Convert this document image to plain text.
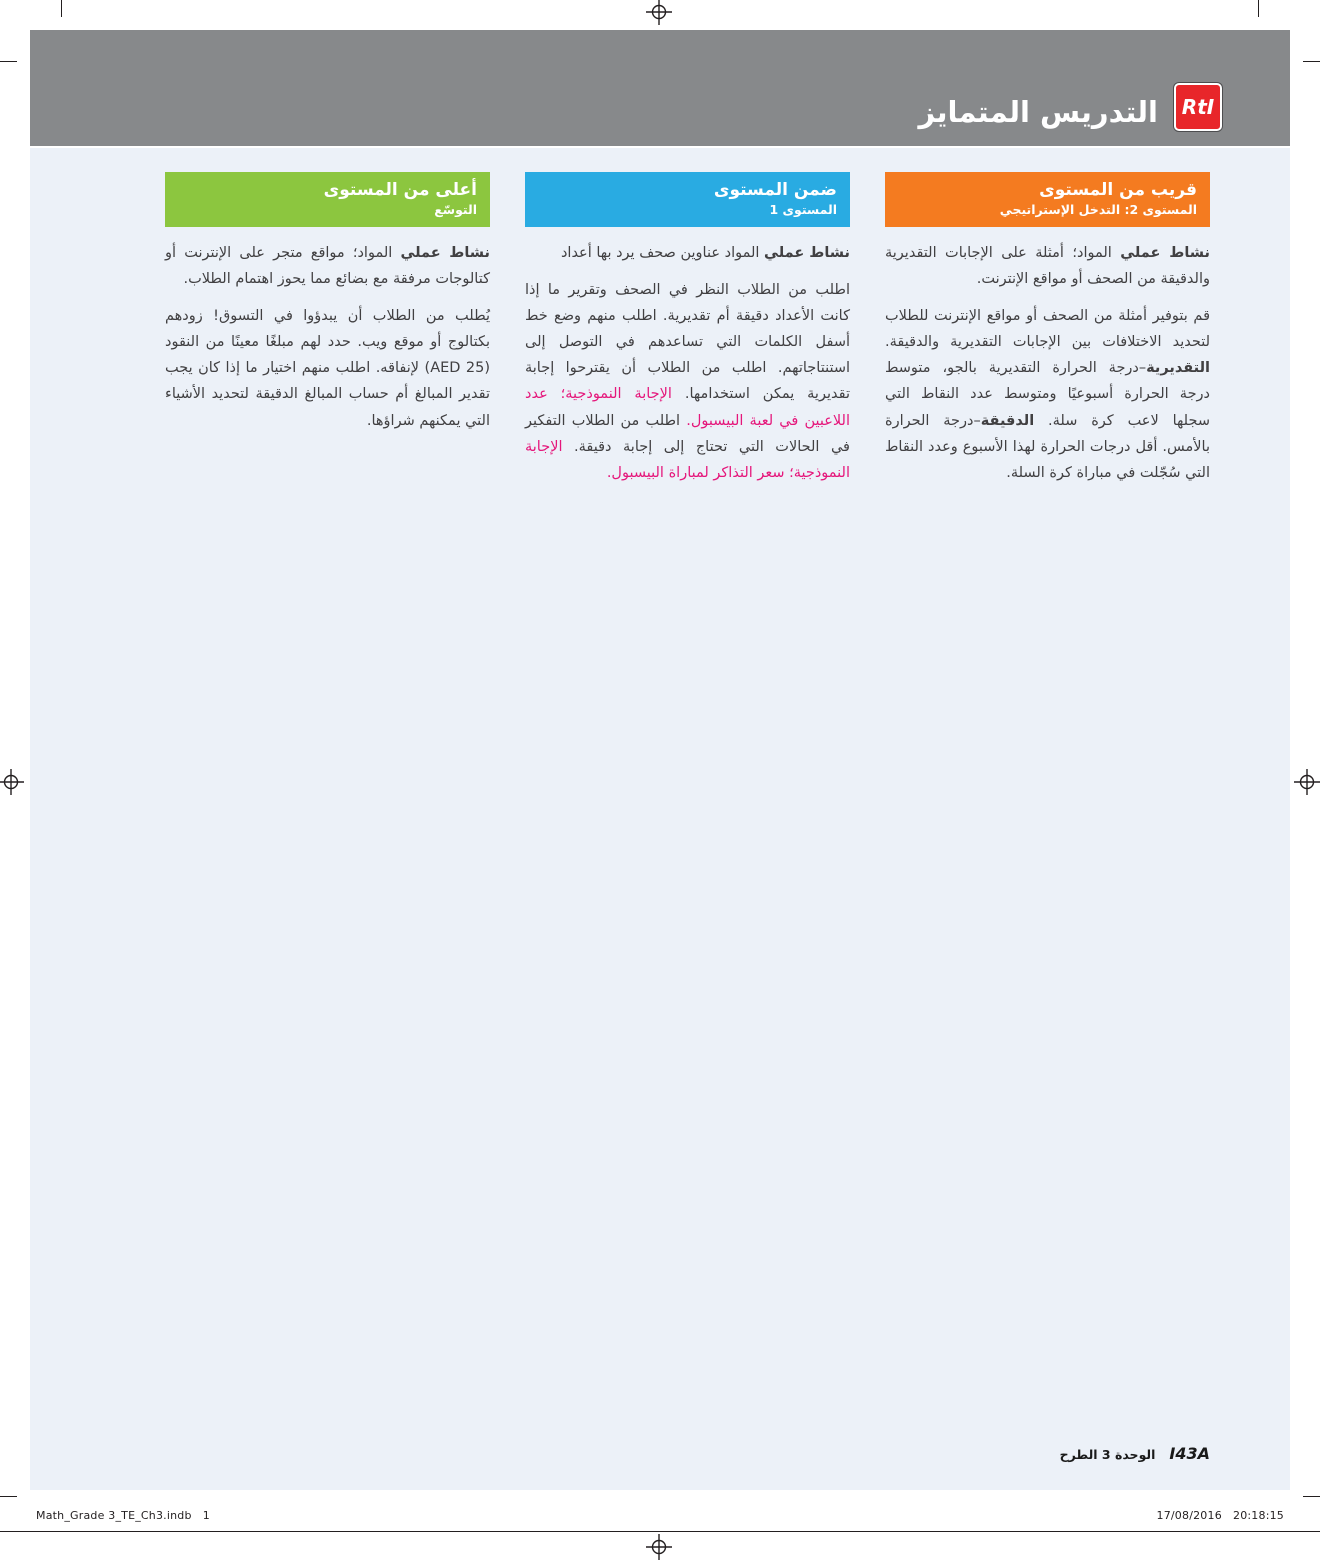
التدريس المتمايز	RtI
قريب من المستوى
المستوى 2: التدخل الإستراتيجي

نشاط عملي المواد؛ أمثلة على الإجابات التقديرية والدقيقة من الصحف أو مواقع الإنترنت.

قم بتوفير أمثلة من الصحف أو مواقع الإنترنت للطلاب لتحديد الاختلافات بين الإجابات التقديرية والدقيقة. التقديرية–درجة الحرارة التقديرية بالجو، متوسط درجة الحرارة أسبوعيًا ومتوسط عدد النقاط التي سجلها لاعب كرة سلة. الدقيقة–درجة الحرارة بالأمس. أقل درجات الحرارة لهذا الأسبوع وعدد النقاط التي سُجّلت في مباراة كرة السلة.

ضمن المستوى
المستوى 1

نشاط عملي المواد عناوين صحف يرد بها أعداد

اطلب من الطلاب النظر في الصحف وتقرير ما إذا كانت الأعداد دقيقة أم تقديرية. اطلب منهم وضع خط أسفل الكلمات التي تساعدهم في التوصل إلى استنتاجاتهم. اطلب من الطلاب أن يقترحوا إجابة تقديرية يمكن استخدامها. الإجابة النموذجية؛ عدد اللاعبين في لعبة البيسبول. اطلب من الطلاب التفكير في الحالات التي تحتاج إلى إجابة دقيقة. الإجابة النموذجية؛ سعر التذاكر لمباراة البيسبول.

أعلى من المستوى
التوسّع

نشاط عملي المواد؛ مواقع متجر على الإنترنت أو كتالوجات مرفقة مع بضائع مما يحوز اهتمام الطلاب.

يُطلب من الطلاب أن يبدؤوا في التسوق! زودهم بكتالوج أو موقع ويب. حدد لهم مبلغًا معينًا من النقود (AED 25) لإنفاقه. اطلب منهم اختيار ما إذا كان يجب تقدير المبالغ أم حساب المبالغ الدقيقة لتحديد الأشياء التي يمكنهم شراؤها.

I43A
الوحدة 3 الطرح
Math_Grade 3_TE_Ch3.indb   1	17/08/2016   20:18:15
